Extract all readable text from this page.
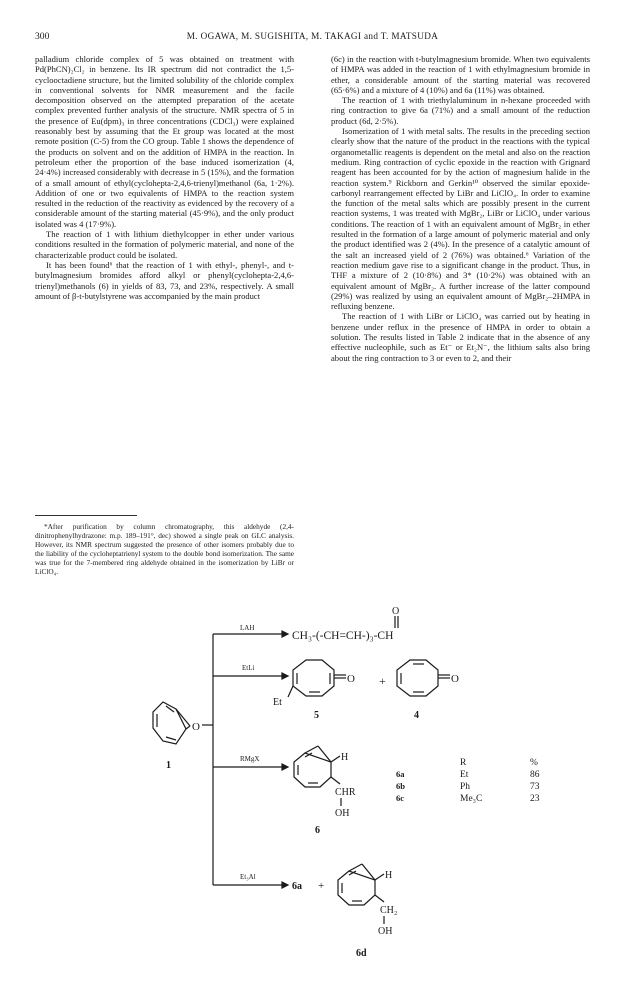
300	M. OGAWA, M. SUGISHITA, M. TAKAGI and T. MATSUDA

palladium chloride complex of 5 was obtained on treatment with Pd(PhCN)₂Cl₂ in benzene. Its IR spectrum did not contradict the 1,5-cyclooctadiene structure, but the limited solubility of the chloride complex in conventional solvents for NMR measurement and the facile decomposition observed on the attempted preparation of the acetate complex prevented further analysis of the structure. NMR spectra of 5 in the presence of Eu(dpm)₃ in three concentrations (CDCl₃) were explained reasonably best by assuming that the Et group was located at the most remote position (C-5) from the CO group. Table 1 shows the dependence of the products on solvent and on the addition of HMPA in the reaction. In petroleum ether the proportion of the base induced isomerization (4, 24·4%) increased considerably with decrease in 5 (15%), and the formation of a small amount of ethyl(cyclohepta-2,4,6-trienyl)methanol (6a, 1·2%). Addition of one or two equivalents of HMPA to the reaction system resulted in the reduction of the reactivity as evidenced by the recovery of a considerable amount of the starting material (45·9%), and the only product isolated was 4 (17·9%).

The reaction of 1 with lithium diethylcopper in ether under various conditions resulted in the formation of polymeric material, and none of the characterizable product could be isolated.

It has been found⁶ that the reaction of 1 with ethyl-, phenyl-, and t-butylmagnesium bromides afford alkyl or phenyl(cyclohepta-2,4,6-trienyl)methanols (6) in yields of 83, 73, and 23%, respectively. A small amount of β-t-butylstyrene was accompanied by the main product

(6c) in the reaction with t-butylmagnesium bromide. When two equivalents of HMPA was added in the reaction of 1 with ethylmagnesium bromide in ether, a considerable amount of the starting material was recovered (65·6%) and a mixture of 4 (10%) and 6a (11%) was obtained.

The reaction of 1 with triethylaluminum in n-hexane proceeded with ring contraction to give 6a (71%) and a small amount of the reduction product (6d, 2·5%).

Isomerization of 1 with metal salts. The results in the preceding section clearly show that the nature of the product in the reactions with the typical organometallic reagents is dependent on the metal and also on the reaction medium. Ring contraction of cyclic epoxide in the reaction with Grignard reagent has been accounted for by the action of magnesium halide in the reaction system.⁹ Rickborn and Gerkin¹⁰ observed the similar epoxide-carbonyl rearrangement effected by LiBr and LiClO₄. In order to examine the function of the metal salts which are possibly present in the current reaction systems, 1 was treated with MgBr₂, LiBr or LiClO₄ under various conditions. The reaction of 1 with an equivalent amount of MgBr₂ in ether resulted in the formation of a large amount of polymeric material and only the product identified was 2 (4%). In the presence of a catalytic amount of the salt an increased yield of 2 (76%) was obtained.⁶ Variation of the reaction medium gave rise to a significant change in the product. Thus, in THF a mixture of 2 (10·8%) and 3* (10·2%) was obtained with an equivalent amount of MgBr₂. A further increase of the latter compound (29%) was realized by using an equivalent amount of MgBr₂–2HMPA in refluxing benzene.

The reaction of 1 with LiBr or LiClO₄ was carried out by heating in benzene under reflux in the presence of HMPA in order to obtain a solution. The results listed in Table 2 indicate that in the absence of any effective nucleophile, such as Et⁻ or Et₂N⁻, the lithium salts also bring about the ring contraction to 3 or even to 2, and their

*After purification by column chromatography, this aldehyde (2,4-dinitrophenylhydrazone: m.p. 189–191°, dec) showed a single peak on GLC analysis. However, its NMR spectrum suggested the presence of other isomers probably due to the liability of the cycloheptatrienyl system to the double bond isomerization. The same was true for the 7-membered ring aldehyde obtained in the isomerization by LiBr or LiClO₄.

O
1
LAH
CH₃-(-CH=CH-)₃-CH
O
EtLi
O
Et
5
+	O
4
RMgX	H
CHR
OH
6
R	%
6a	Et	86
6b	Ph	73
6c	Me₃C	23
Et₃Al
6a +
H
CH₂
OH
6d
